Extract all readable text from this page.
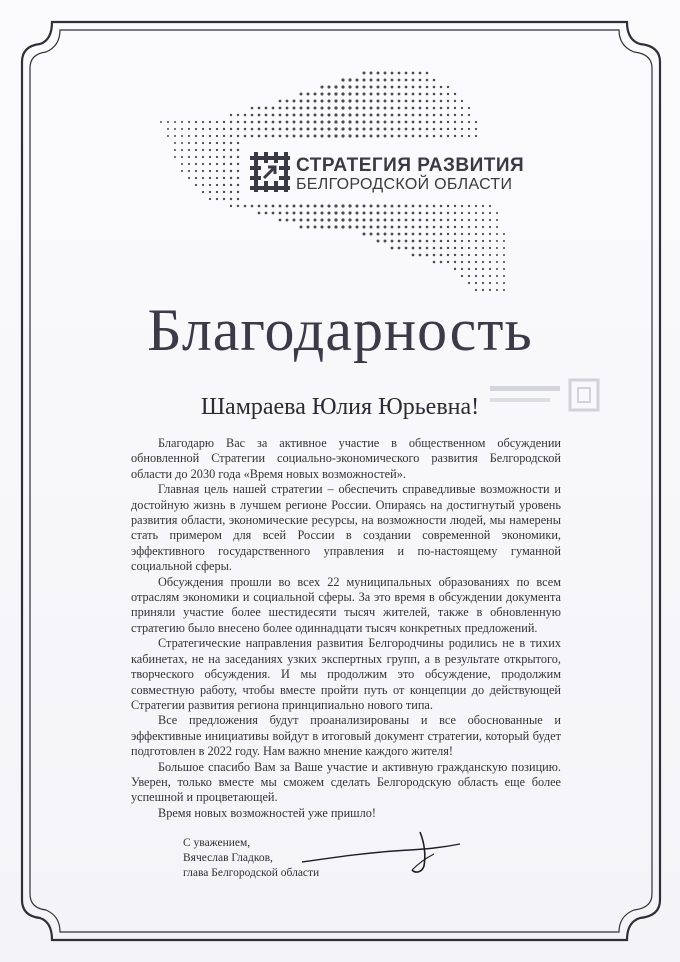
СТРАТЕГИЯ РАЗВИТИЯ
БЕЛГОРОДСКОЙ ОБЛАСТИ
Благодарность
Шамраева Юлия Юрьевна!

Благодарю Вас за активное участие в общественном обсуждении обновленной Стратегии социально-экономического развития Белгородской области до 2030 года «Время новых возможностей».

Главная цель нашей стратегии – обеспечить справедливые возможности и достойную жизнь в лучшем регионе России. Опираясь на достигнутый уровень развития области, экономические ресурсы, на возможности людей, мы намерены стать примером для всей России в создании современной экономики, эффективного государственного управления и по-настоящему гуманной социальной сферы.

Обсуждения прошли во всех 22 муниципальных образованиях по всем отраслям экономики и социальной сферы. За это время в обсуждении документа приняли участие более шестидесяти тысяч жителей, также в обновленную стратегию было внесено более одиннадцати тысяч конкретных предложений.

Стратегические направления развития Белгородчины родились не в тихих кабинетах, не на заседаниях узких экспертных групп, а в результате открытого, творческого обсуждения. И мы продолжим это обсуждение, продолжим совместную работу, чтобы вместе пройти путь от концепции до действующей Стратегии развития региона принципиально нового типа.

Все предложения будут проанализированы и все обоснованные и эффективные инициативы войдут в итоговый документ стратегии, который будет подготовлен в 2022 году. Нам важно мнение каждого жителя!

Большое спасибо Вам за Ваше участие и активную гражданскую позицию. Уверен, только вместе мы сможем сделать Белгородскую область еще более успешной и процветающей.

Время новых возможностей уже пришло!

С уважением,
Вячеслав Гладков,
глава Белгородской области
